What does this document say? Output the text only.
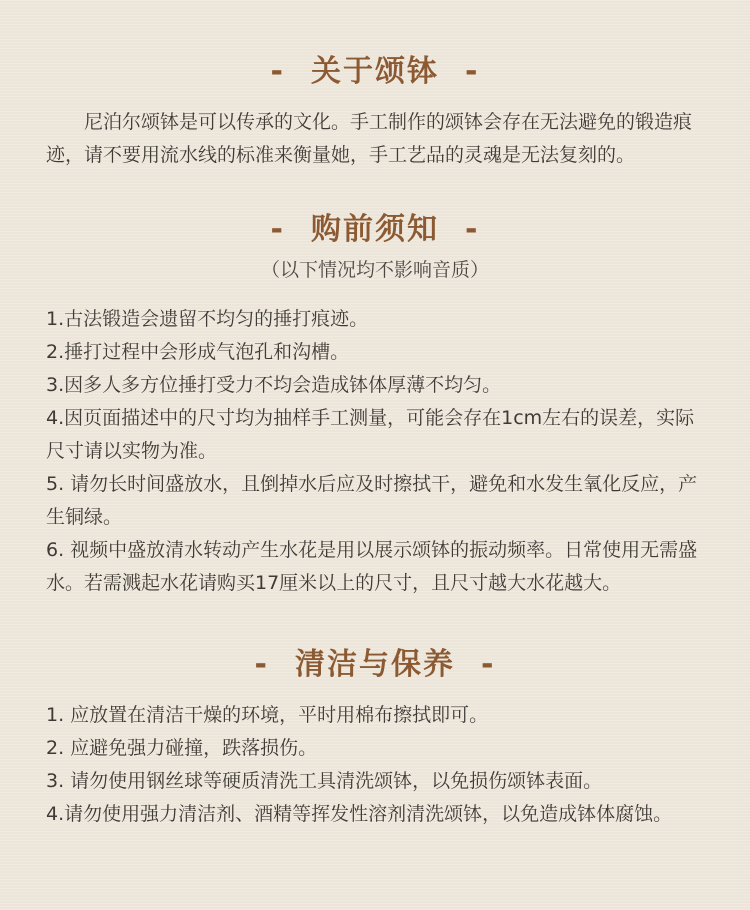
- 关于颂钵 -

尼泊尔颂钵是可以传承的文化。手工制作的颂钵会存在无法避免的锻造痕迹，请不要用流水线的标准来衡量她，手工艺品的灵魂是无法复刻的。

- 购前须知 -
（以下情况均不影响音质）
1.古法锻造会遗留不均匀的捶打痕迹。
2.捶打过程中会形成气泡孔和沟槽。
3.因多人多方位捶打受力不均会造成钵体厚薄不均匀。
4.因页面描述中的尺寸均为抽样手工测量，可能会存在1cm左右的误差，实际尺寸请以实物为准。
5. 请勿长时间盛放水，且倒掉水后应及时擦拭干，避免和水发生氧化反应，产生铜绿。
6. 视频中盛放清水转动产生水花是用以展示颂钵的振动频率。日常使用无需盛水。若需溅起水花请购买17厘米以上的尺寸，且尺寸越大水花越大。
- 清洁与保养 -
1. 应放置在清洁干燥的环境，平时用棉布擦拭即可。
2. 应避免强力碰撞，跌落损伤。
3. 请勿使用钢丝球等硬质清洗工具清洗颂钵，以免损伤颂钵表面。
4.请勿使用强力清洁剂、酒精等挥发性溶剂清洗颂钵，以免造成钵体腐蚀。
